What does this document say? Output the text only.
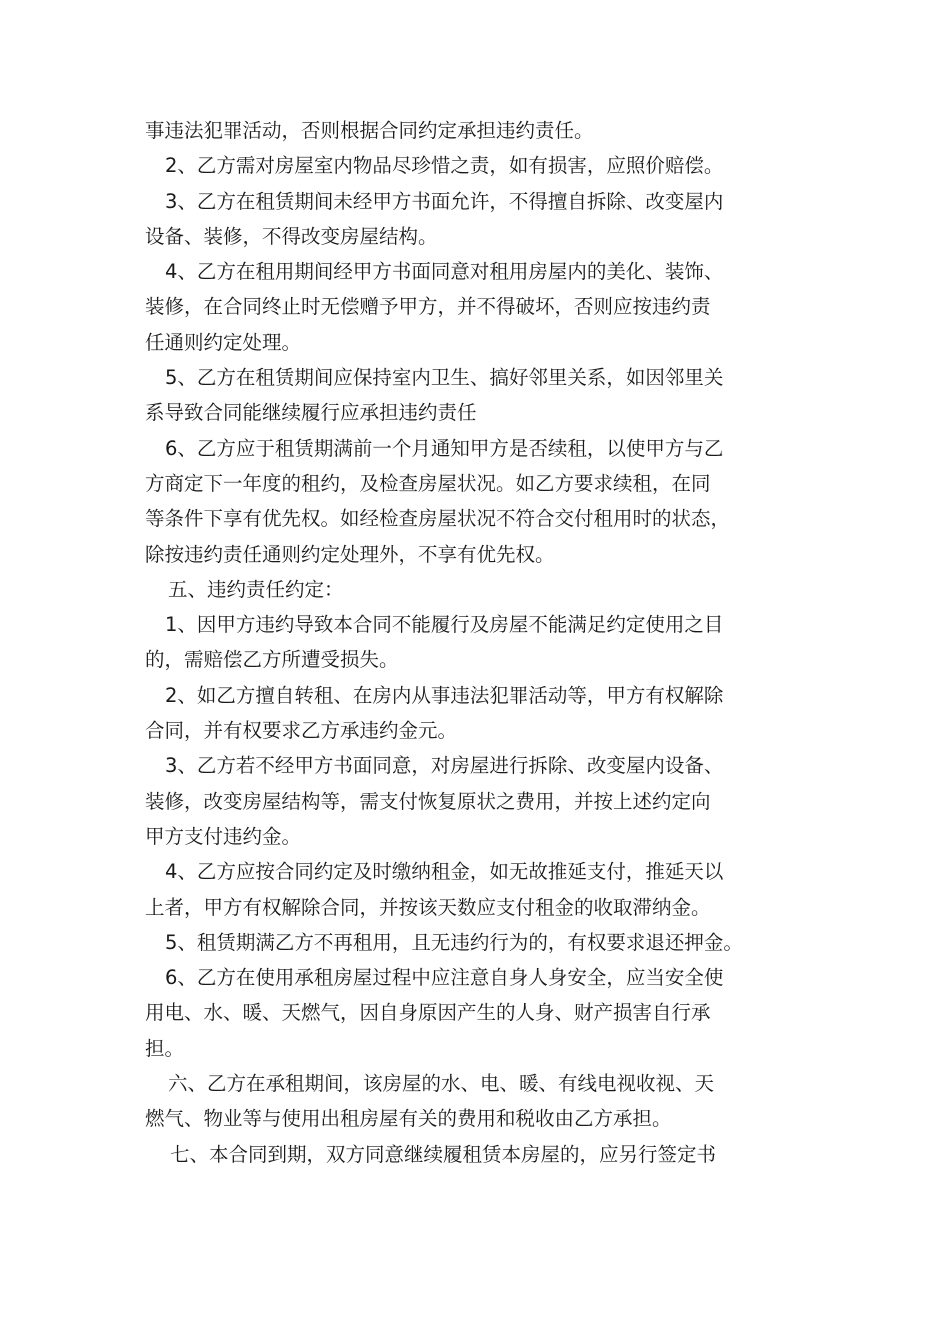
事违法犯罪活动，否则根据合同约定承担违约责任。
2、乙方需对房屋室内物品尽珍惜之责，如有损害，应照价赔偿。
3、乙方在租赁期间未经甲方书面允许，不得擅自拆除、改变屋内
设备、装修，不得改变房屋结构。
4、乙方在租用期间经甲方书面同意对租用房屋内的美化、装饰、
装修，在合同终止时无偿赠予甲方，并不得破坏，否则应按违约责
任通则约定处理。
5、乙方在租赁期间应保持室内卫生、搞好邻里关系，如因邻里关
系导致合同能继续履行应承担违约责任
6、乙方应于租赁期满前一个月通知甲方是否续租，以使甲方与乙
方商定下一年度的租约，及检查房屋状况。如乙方要求续租，在同
等条件下享有优先权。如经检查房屋状况不符合交付租用时的状态，
除按违约责任通则约定处理外，不享有优先权。
五、违约责任约定：
1、因甲方违约导致本合同不能履行及房屋不能满足约定使用之目
的，需赔偿乙方所遭受损失。
2、如乙方擅自转租、在房内从事违法犯罪活动等，甲方有权解除
合同，并有权要求乙方承违约金元。
3、乙方若不经甲方书面同意，对房屋进行拆除、改变屋内设备、
装修，改变房屋结构等，需支付恢复原状之费用，并按上述约定向
甲方支付违约金。
4、乙方应按合同约定及时缴纳租金，如无故推延支付，推延天以
上者，甲方有权解除合同，并按该天数应支付租金的收取滞纳金。
5、租赁期满乙方不再租用，且无违约行为的，有权要求退还押金。
6、乙方在使用承租房屋过程中应注意自身人身安全，应当安全使
用电、水、暖、天燃气，因自身原因产生的人身、财产损害自行承
担。
六、乙方在承租期间，该房屋的水、电、暖、有线电视收视、天
燃气、物业等与使用出租房屋有关的费用和税收由乙方承担。
七、本合同到期，双方同意继续履租赁本房屋的，应另行签定书
